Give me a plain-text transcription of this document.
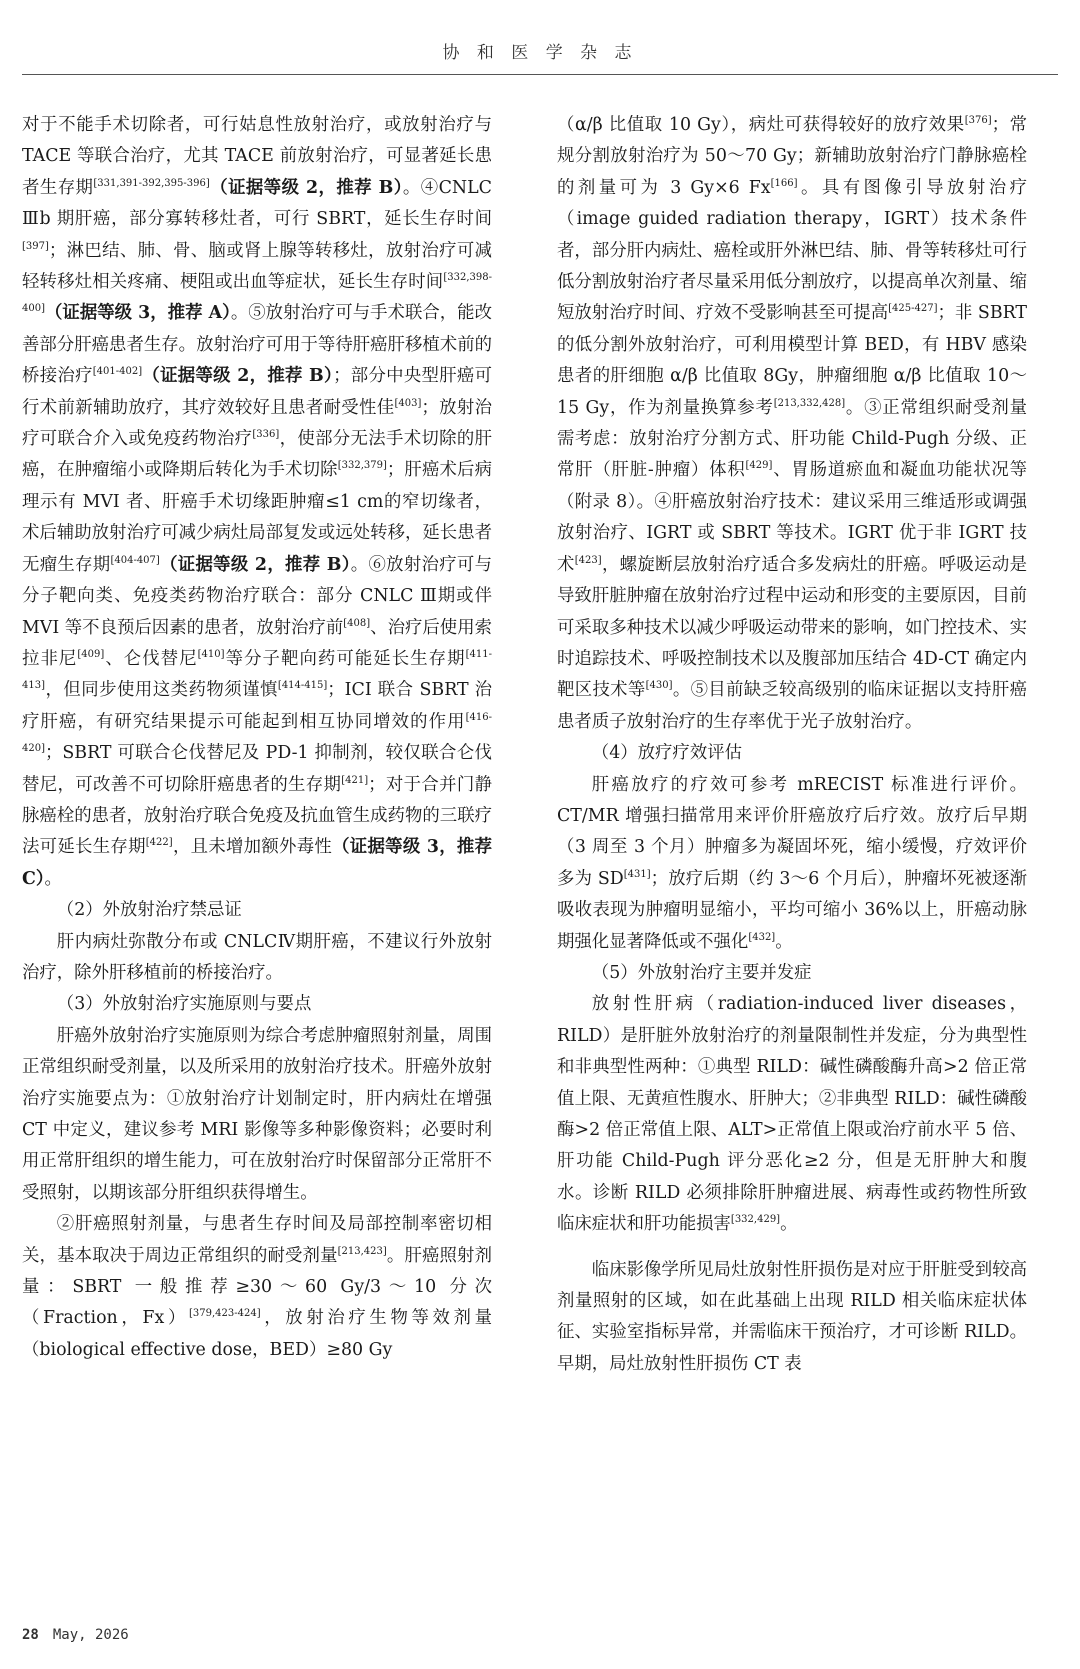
协 和 医 学 杂 志

对于不能手术切除者，可行姑息性放射治疗，或放射治疗与 TACE 等联合治疗，尤其 TACE 前放射治疗，可显著延长患者生存期[331,391-392,395-396]（证据等级 2，推荐 B）。④CNLC Ⅲb 期肝癌，部分寡转移灶者，可行 SBRT，延长生存时间[397]；淋巴结、肺、骨、脑或肾上腺等转移灶，放射治疗可减轻转移灶相关疼痛、梗阻或出血等症状，延长生存时间[332,398-400]（证据等级 3，推荐 A）。⑤放射治疗可与手术联合，能改善部分肝癌患者生存。放射治疗可用于等待肝癌肝移植术前的桥接治疗[401-402]（证据等级 2，推荐 B）；部分中央型肝癌可行术前新辅助放疗，其疗效较好且患者耐受性佳[403]；放射治疗可联合介入或免疫药物治疗[336]，使部分无法手术切除的肝癌，在肿瘤缩小或降期后转化为手术切除[332,379]；肝癌术后病理示有 MVI 者、肝癌手术切缘距肿瘤≤1 cm的窄切缘者，术后辅助放射治疗可减少病灶局部复发或远处转移，延长患者无瘤生存期[404-407]（证据等级 2，推荐 B）。⑥放射治疗可与分子靶向类、免疫类药物治疗联合：部分 CNLC Ⅲ期或伴 MVI 等不良预后因素的患者，放射治疗前[408]、治疗后使用索拉非尼[409]、仑伐替尼[410]等分子靶向药可能延长生存期[411-413]，但同步使用这类药物须谨慎[414-415]；ICI 联合 SBRT 治疗肝癌，有研究结果提示可能起到相互协同增效的作用[416-420]；SBRT 可联合仑伐替尼及 PD-1 抑制剂，较仅联合仑伐替尼，可改善不可切除肝癌患者的生存期[421]；对于合并门静脉癌栓的患者，放射治疗联合免疫及抗血管生成药物的三联疗法可延长生存期[422]，且未增加额外毒性（证据等级 3，推荐 C）。

（2）外放射治疗禁忌证

肝内病灶弥散分布或 CNLCⅣ期肝癌，不建议行外放射治疗，除外肝移植前的桥接治疗。

（3）外放射治疗实施原则与要点

肝癌外放射治疗实施原则为综合考虑肿瘤照射剂量，周围正常组织耐受剂量，以及所采用的放射治疗技术。肝癌外放射治疗实施要点为：①放射治疗计划制定时，肝内病灶在增强 CT 中定义，建议参考 MRI 影像等多种影像资料；必要时利用正常肝组织的增生能力，可在放射治疗时保留部分正常肝不受照射，以期该部分肝组织获得增生。

②肝癌照射剂量，与患者生存时间及局部控制率密切相关，基本取决于周边正常组织的耐受剂量[213,423]。肝癌照射剂量：SBRT 一般推荐≥30～60 Gy/3～10 分次（Fraction，Fx）[379,423-424]，放射治疗生物等效剂量（biological effective dose，BED）≥80 Gy

（α/β 比值取 10 Gy），病灶可获得较好的放疗效果[376]；常规分割放射治疗为 50～70 Gy；新辅助放射治疗门静脉癌栓的剂量可为 3 Gy×6 Fx[166]。具有图像引导放射治疗（image guided radiation therapy，IGRT）技术条件者，部分肝内病灶、癌栓或肝外淋巴结、肺、骨等转移灶可行低分割放射治疗者尽量采用低分割放疗，以提高单次剂量、缩短放射治疗时间、疗效不受影响甚至可提高[425-427]；非 SBRT 的低分割外放射治疗，可利用模型计算 BED，有 HBV 感染患者的肝细胞 α/β 比值取 8Gy，肿瘤细胞 α/β 比值取 10～15 Gy，作为剂量换算参考[213,332,428]。③正常组织耐受剂量需考虑：放射治疗分割方式、肝功能 Child-Pugh 分级、正常肝（肝脏-肿瘤）体积[429]、胃肠道瘀血和凝血功能状况等（附录 8）。④肝癌放射治疗技术：建议采用三维适形或调强放射治疗、IGRT 或 SBRT 等技术。IGRT 优于非 IGRT 技术[423]，螺旋断层放射治疗适合多发病灶的肝癌。呼吸运动是导致肝脏肿瘤在放射治疗过程中运动和形变的主要原因，目前可采取多种技术以减少呼吸运动带来的影响，如门控技术、实时追踪技术、呼吸控制技术以及腹部加压结合 4D-CT 确定内靶区技术等[430]。⑤目前缺乏较高级别的临床证据以支持肝癌患者质子放射治疗的生存率优于光子放射治疗。

（4）放疗疗效评估

肝癌放疗的疗效可参考 mRECIST 标准进行评价。CT/MR 增强扫描常用来评价肝癌放疗后疗效。放疗后早期（3 周至 3 个月）肿瘤多为凝固坏死，缩小缓慢，疗效评价多为 SD[431]；放疗后期（约 3～6 个月后），肿瘤坏死被逐渐吸收表现为肿瘤明显缩小，平均可缩小 36%以上，肝癌动脉期强化显著降低或不强化[432]。

（5）外放射治疗主要并发症

放射性肝病（radiation-induced liver diseases，RILD）是肝脏外放射治疗的剂量限制性并发症，分为典型性和非典型性两种：①典型 RILD：碱性磷酸酶升高>2 倍正常值上限、无黄疸性腹水、肝肿大；②非典型 RILD：碱性磷酸酶>2 倍正常值上限、ALT>正常值上限或治疗前水平 5 倍、肝功能 Child-Pugh 评分恶化≥2 分，但是无肝肿大和腹水。诊断 RILD 必须排除肝肿瘤进展、病毒性或药物性所致临床症状和肝功能损害[332,429]。

临床影像学所见局灶放射性肝损伤是对应于肝脏受到较高剂量照射的区域，如在此基础上出现 RILD 相关临床症状体征、实验室指标异常，并需临床干预治疗，才可诊断 RILD。早期，局灶放射性肝损伤 CT 表

28 May, 2026
